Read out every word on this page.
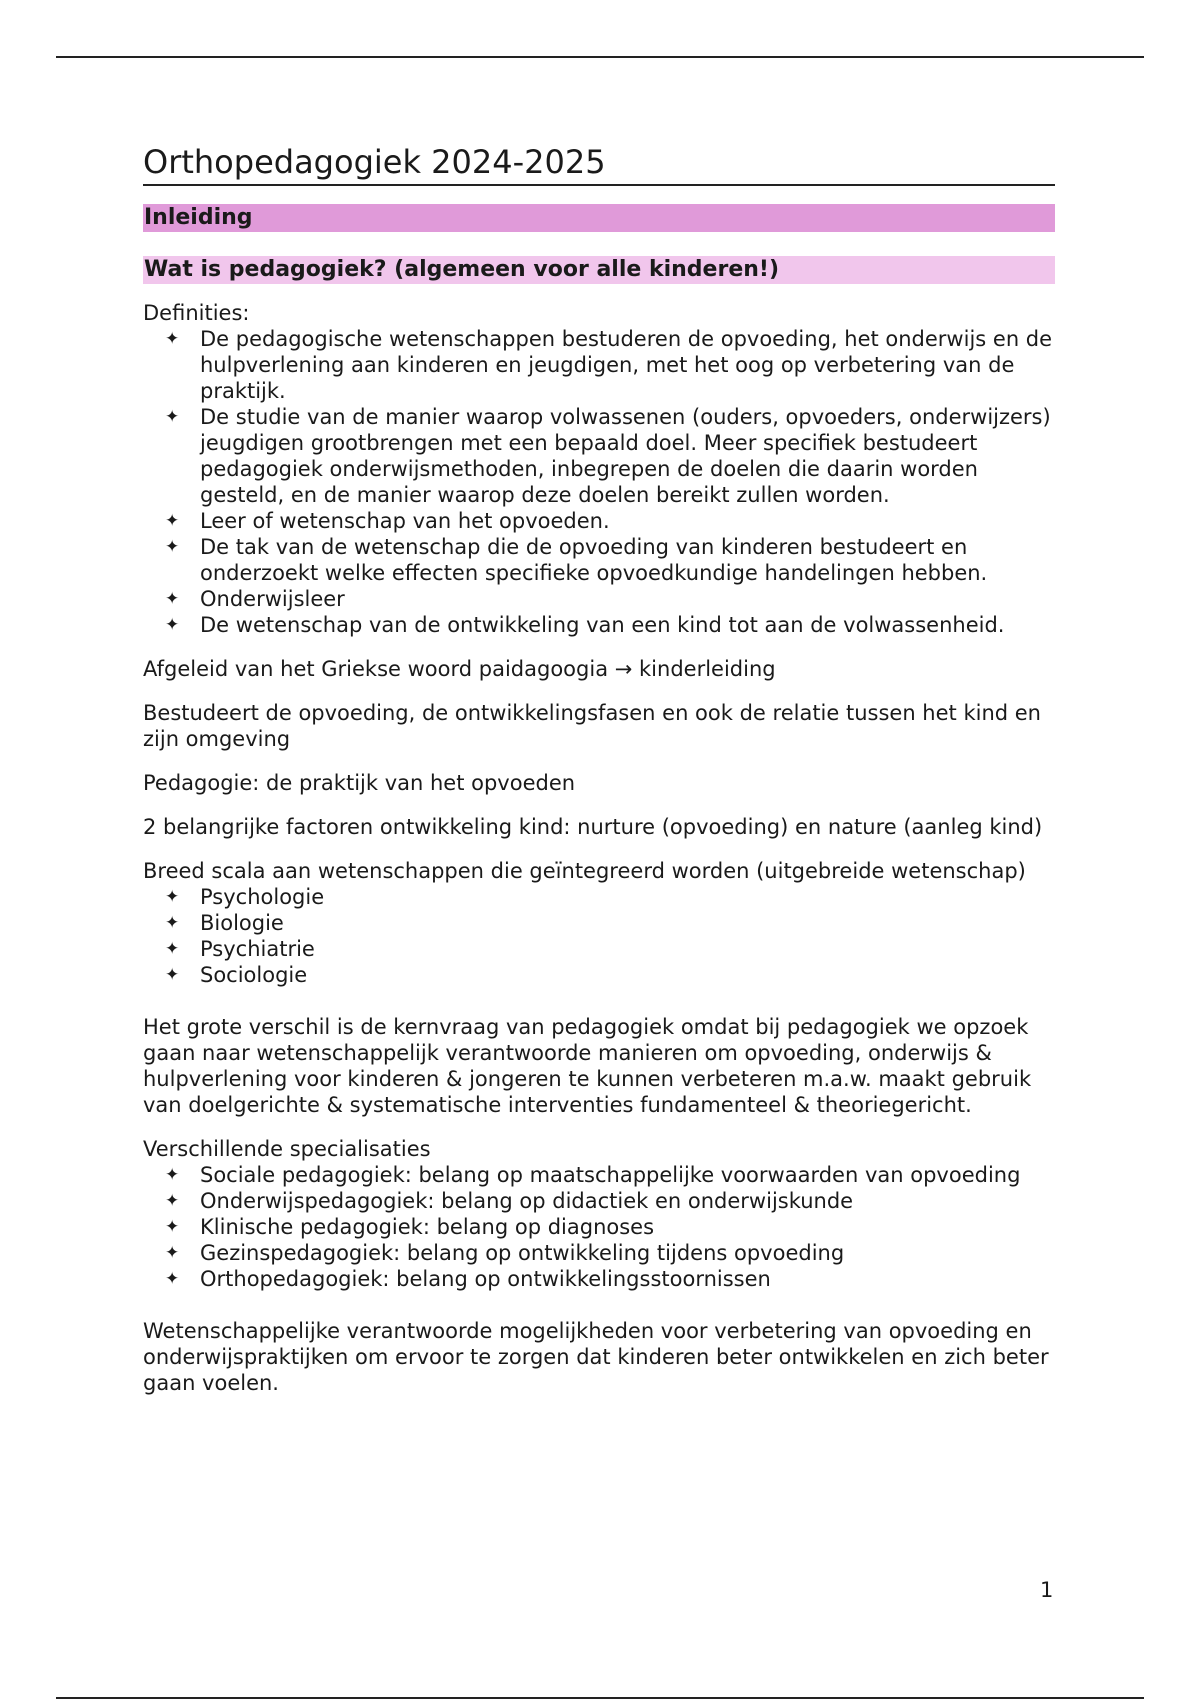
Orthopedagogiek 2024-2025
Inleiding
Wat is pedagogiek? (algemeen voor alle kinderen!)

Definities:

✦ De pedagogische wetenschappen bestuderen de opvoeding, het onderwijs en de hulpverlening aan kinderen en jeugdigen, met het oog op verbetering van de praktijk.
✦ De studie van de manier waarop volwassenen (ouders, opvoeders, onderwijzers) jeugdigen grootbrengen met een bepaald doel. Meer specifiek bestudeert pedagogiek onderwijsmethoden, inbegrepen de doelen die daarin worden gesteld, en de manier waarop deze doelen bereikt zullen worden.
✦ Leer of wetenschap van het opvoeden.
✦ De tak van de wetenschap die de opvoeding van kinderen bestudeert en onderzoekt welke effecten specifieke opvoedkundige handelingen hebben.
✦ Onderwijsleer
✦ De wetenschap van de ontwikkeling van een kind tot aan de volwassenheid.

Afgeleid van het Griekse woord paidagoogia → kinderleiding

Bestudeert de opvoeding, de ontwikkelingsfasen en ook de relatie tussen het kind en zijn omgeving

Pedagogie: de praktijk van het opvoeden

2 belangrijke factoren ontwikkeling kind: nurture (opvoeding) en nature (aanleg kind)

Breed scala aan wetenschappen die geïntegreerd worden (uitgebreide wetenschap)

✦ Psychologie
✦ Biologie
✦ Psychiatrie
✦ Sociologie

Het grote verschil is de kernvraag van pedagogiek omdat bij pedagogiek we opzoek gaan naar wetenschappelijk verantwoorde manieren om opvoeding, onderwijs & hulpverlening voor kinderen & jongeren te kunnen verbeteren m.a.w. maakt gebruik van doelgerichte & systematische interventies fundamenteel & theoriegericht.

Verschillende specialisaties

✦ Sociale pedagogiek: belang op maatschappelijke voorwaarden van opvoeding
✦ Onderwijspedagogiek: belang op didactiek en onderwijskunde
✦ Klinische pedagogiek: belang op diagnoses
✦ Gezinspedagogiek: belang op ontwikkeling tijdens opvoeding
✦ Orthopedagogiek: belang op ontwikkelingsstoornissen

Wetenschappelijke verantwoorde mogelijkheden voor verbetering van opvoeding en onderwijspraktijken om ervoor te zorgen dat kinderen beter ontwikkelen en zich beter gaan voelen.

1
